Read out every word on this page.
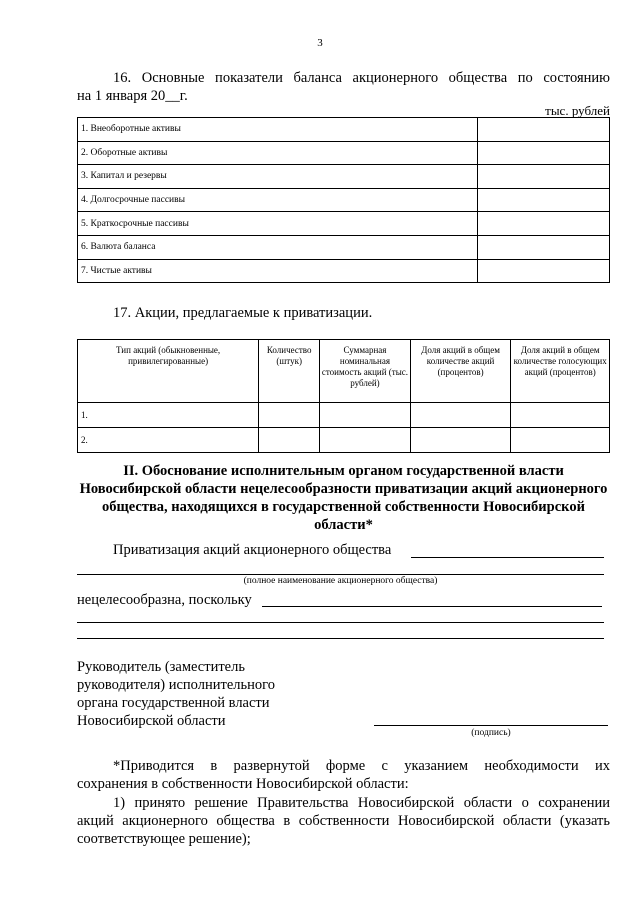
3
16. Основные показатели баланса акционерного общества по состоянию
на 1 января 20__г.
тыс. рублей
1. Внеоборотные активы	
2. Оборотные активы	
3. Капитал и резервы	
4. Долгосрочные пассивы	
5. Краткосрочные пассивы	
6. Валюта баланса	
7. Чистые активы	
17. Акции, предлагаемые к приватизации.
Тип акций (обыкновенные, привилегированные)	Количество (штук)	Суммарная номинальная стоимость акций (тыс. рублей)	Доля акций в общем количестве акций (процентов)	Доля акций в общем количестве голосующих акций (процентов)
1.				
2.				
II. Обоснование исполнительным органом государственной власти Новосибирской области нецелесообразности приватизации акций акционерного общества, находящихся в государственной собственности Новосибирской области*
Приватизация акций акционерного общества
(полное наименование акционерного общества)
нецелесообразна, поскольку
Руководитель (заместитель
руководителя) исполнительного
органа государственной власти
Новосибирской области
(подпись)
*Приводится в развернутой форме с указанием необходимости их
сохранения в собственности Новосибирской области:
1) принято решение Правительства Новосибирской области о сохранении
акций акционерного общества в собственности Новосибирской области (указать
соответствующее решение);
